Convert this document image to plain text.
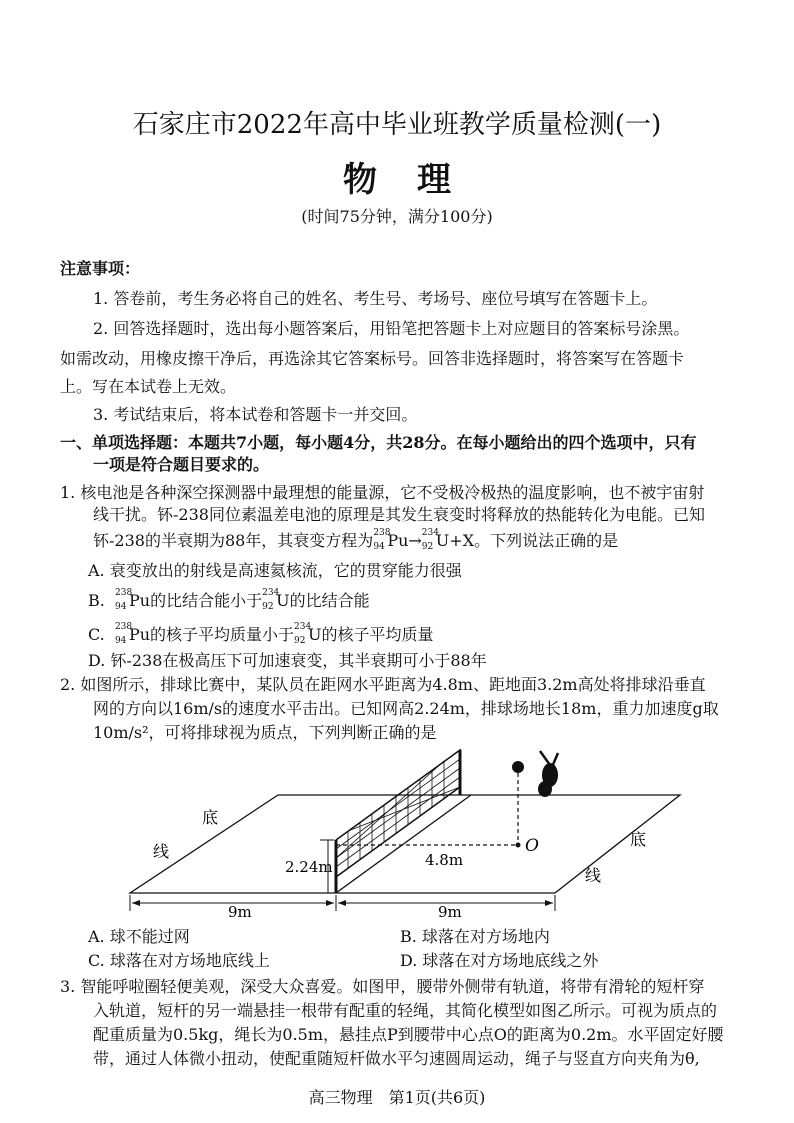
石家庄市2022年高中毕业班教学质量检测(一)
物理
(时间75分钟，满分100分)
注意事项：
1. 答卷前，考生务必将自己的姓名、考生号、考场号、座位号填写在答题卡上。
2. 回答选择题时，选出每小题答案后，用铅笔把答题卡上对应题目的答案标号涂黑。
如需改动，用橡皮擦干净后，再选涂其它答案标号。回答非选择题时，将答案写在答题卡
上。写在本试卷上无效。
3. 考试结束后，将本试卷和答题卡一并交回。
一、单项选择题：本题共7小题，每小题4分，共28分。在每小题给出的四个选项中，只有
一项是符合题目要求的。
1. 核电池是各种深空探测器中最理想的能量源，它不受极冷极热的温度影响，也不被宇宙射
线干扰。钚-238同位素温差电池的原理是其发生衰变时将释放的热能转化为电能。已知
钚-238的半衰期为88年，其衰变方程为 238
94 Pu→ 234
92 U+X。下列说法正确的是
A. 衰变放出的射线是高速氦核流，它的贯穿能力很强
B. 238
94 Pu的比结合能小于 234
92 U的比结合能
C. 238
94 Pu的核子平均质量小于 234
92 U的核子平均质量
D. 钚-238在极高压下可加速衰变，其半衰期可小于88年
2. 如图所示，排球比赛中，某队员在距网水平距离为4.8m、距地面3.2m高处将排球沿垂直
网的方向以16m/s的速度水平击出。已知网高2.24m，排球场地长18m，重力加速度g取
10m/s²，可将排球视为质点，下列判断正确的是
2.24m
O
4.8m
底
线
底
线
9m	9m
A. 球不能过网	B. 球落在对方场地内
C. 球落在对方场地底线上	D. 球落在对方场地底线之外
3. 智能呼啦圈轻便美观，深受大众喜爱。如图甲，腰带外侧带有轨道，将带有滑轮的短杆穿
入轨道，短杆的另一端悬挂一根带有配重的轻绳，其简化模型如图乙所示。可视为质点的
配重质量为0.5kg，绳长为0.5m，悬挂点P到腰带中心点O的距离为0.2m。水平固定好腰
带，通过人体微小扭动，使配重随短杆做水平匀速圆周运动，绳子与竖直方向夹角为θ,
高三物理　第1页(共6页)
